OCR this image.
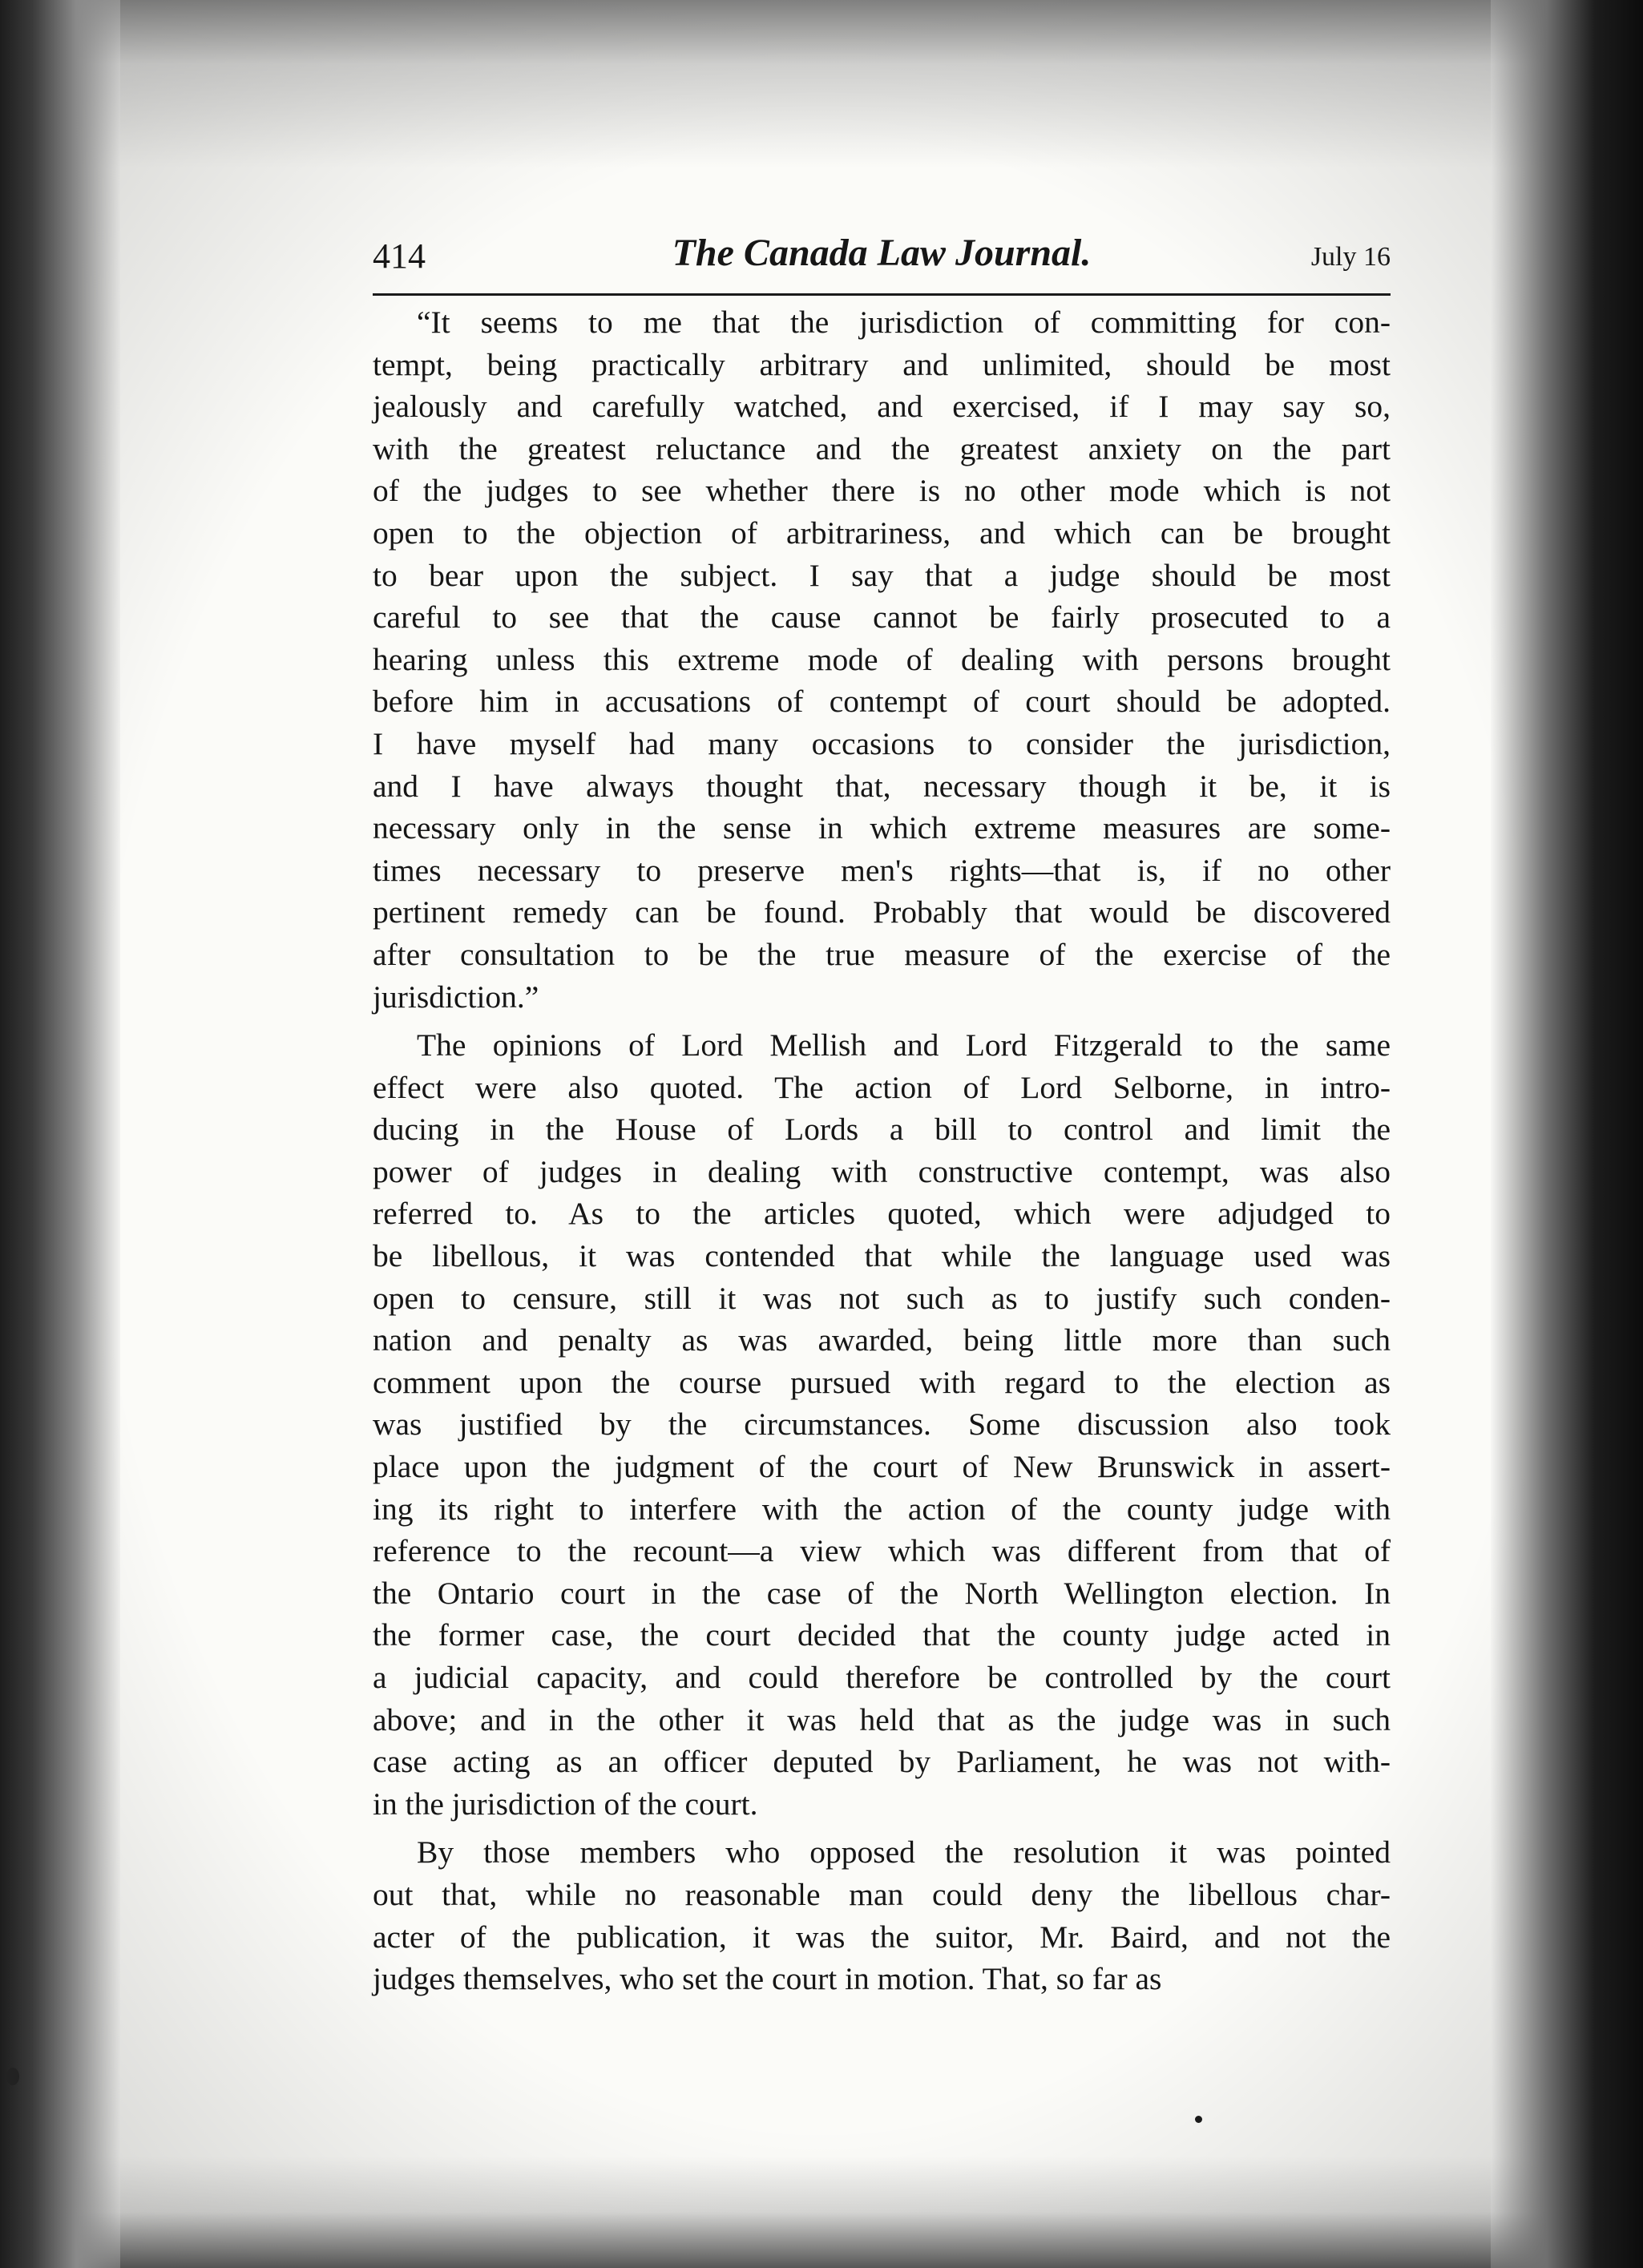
414	The Canada Law Journal.	July 16
“It seems to me that the jurisdiction of committing for con-
tempt, being practically arbitrary and unlimited, should be most
jealously and carefully watched, and exercised, if I may say so,
with the greatest reluctance and the greatest anxiety on the part
of the judges to see whether there is no other mode which is not
open to the objection of arbitrariness, and which can be brought
to bear upon the subject. I say that a judge should be most
careful to see that the cause cannot be fairly prosecuted to a
hearing unless this extreme mode of dealing with persons brought
before him in accusations of contempt of court should be adopted.
I have myself had many occasions to consider the jurisdiction,
and I have always thought that, necessary though it be, it is
necessary only in the sense in which extreme measures are some-
times necessary to preserve men's rights—that is, if no other
pertinent remedy can be found. Probably that would be discovered
after consultation to be the true measure of the exercise of the
jurisdiction.”
The opinions of Lord Mellish and Lord Fitzgerald to the same
effect were also quoted. The action of Lord Selborne, in intro-
ducing in the House of Lords a bill to control and limit the
power of judges in dealing with constructive contempt, was also
referred to. As to the articles quoted, which were adjudged to
be libellous, it was contended that while the language used was
open to censure, still it was not such as to justify such conden-
nation and penalty as was awarded, being little more than such
comment upon the course pursued with regard to the election as
was justified by the circumstances. Some discussion also took
place upon the judgment of the court of New Brunswick in assert-
ing its right to interfere with the action of the county judge with
reference to the recount—a view which was different from that of
the Ontario court in the case of the North Wellington election. In
the former case, the court decided that the county judge acted in
a judicial capacity, and could therefore be controlled by the court
above; and in the other it was held that as the judge was in such
case acting as an officer deputed by Parliament, he was not with-
in the jurisdiction of the court.
By those members who opposed the resolution it was pointed
out that, while no reasonable man could deny the libellous char-
acter of the publication, it was the suitor, Mr. Baird, and not the
judges themselves, who set the court in motion. That, so far as
